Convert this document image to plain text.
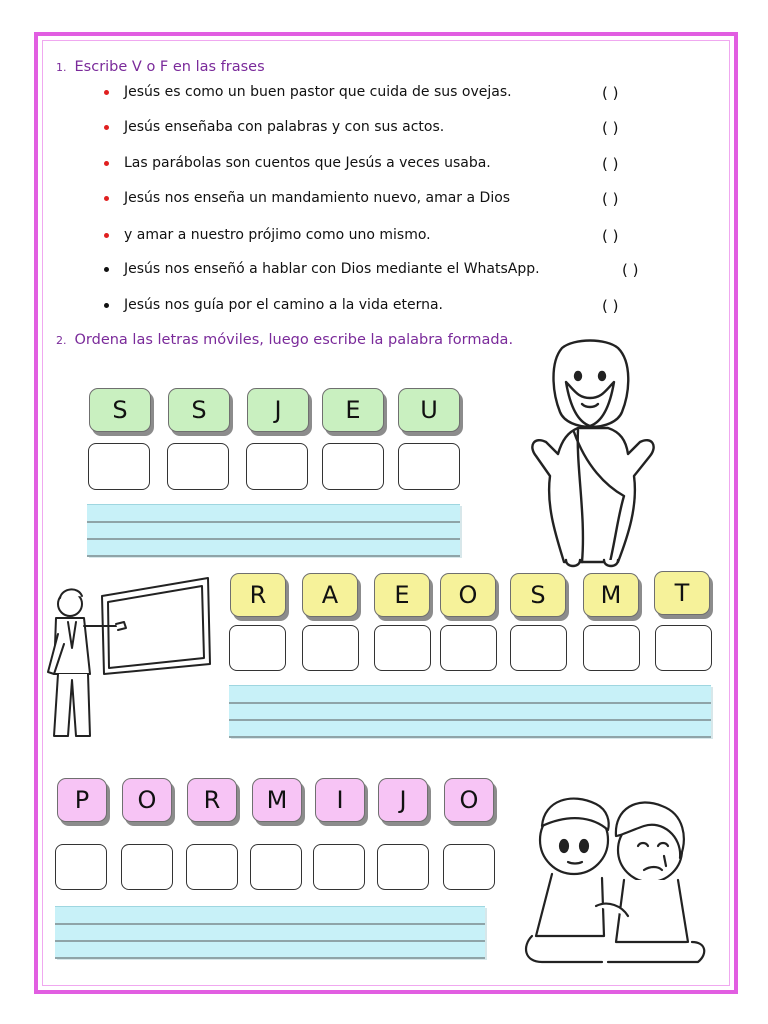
1. Escribe V o F en las frases
Jesús es como un buen pastor que cuida de sus ovejas.	( )
Jesús enseñaba con palabras y con sus actos.	( )
Las parábolas son cuentos que Jesús a veces usaba.	( )
Jesús nos enseña un mandamiento nuevo, amar a Dios	( )
y amar a nuestro prójimo como uno mismo.	( )
Jesús nos enseñó a hablar con Dios mediante el WhatsApp.	( )
Jesús nos guía por el camino a la vida eterna.	( )
2. Ordena las letras móviles, luego escribe la palabra formada.
S	S	J	E	U
R	A	E	O	S	M	T
P	O	R	M	I	J	O
